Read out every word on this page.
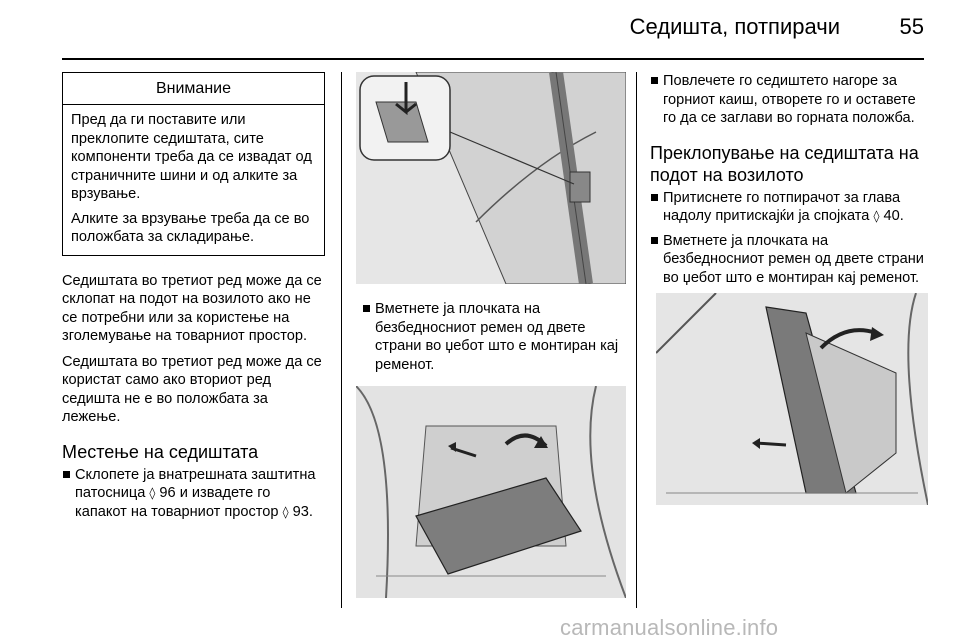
Седишта, потпирачи	55
Внимание

Пред да ги поставите или преклопите седиштата, сите компоненти треба да се извадат од страничните шини и од алките за врзување.

Алките за врзување треба да се во положбата за складирање.

Седиштата во третиот ред може да се склопат на подот на возилото ако не се потребни или за користење на зголемување на товарниот простор.

Седиштата во третиот ред може да се користат само ако вториот ред седишта не е во положбата за лежење.

Местење на седиштата
Склопете ја внатрешната заштитна патосница ◊ 96 и извадете го капакот на товарниот простор ◊ 93.
Вметнете ја плочката на безбедносниот ремен од двете страни во џебот што е монтиран кај ременот.
Повлечете го седиштето нагоре за горниот каиш, отворете го и оставете го да се заглави во горната положба.
Преклопување на седиштата на подот на возилото
Притиснете го потпирачот за глава надолу притискајќи ја спојката ◊ 40.
Вметнете ја плочката на безбедносниот ремен од двете страни во џебот што е монтиран кај ременот.
carmanualsonline.info
